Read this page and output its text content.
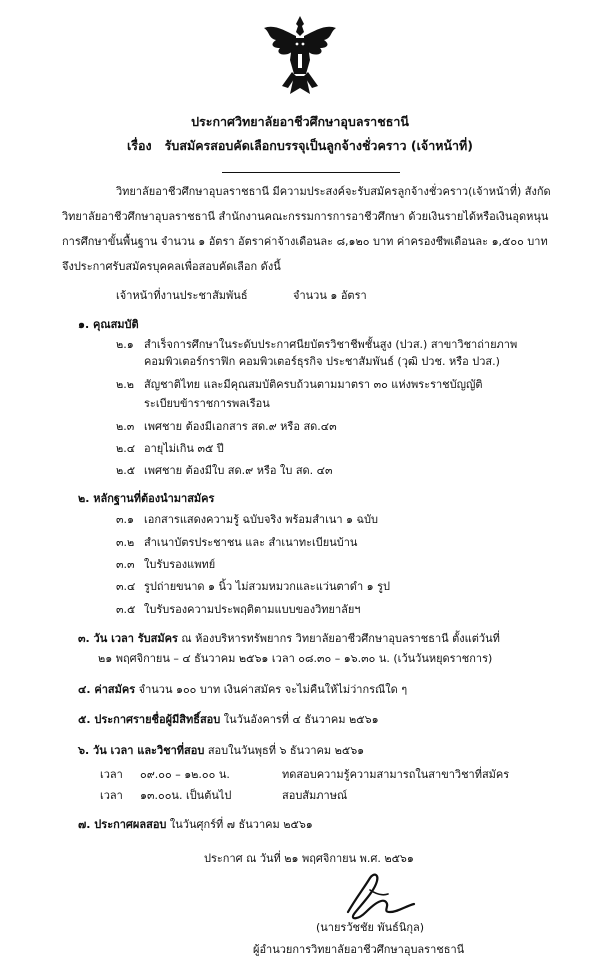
ประกาศวิทยาลัยอาชีวศึกษาอุบลราชธานี
เรื่อง รับสมัครสอบคัดเลือกบรรจุเป็นลูกจ้างชั่วคราว (เจ้าหน้าที่)
วิทยาลัยอาชีวศึกษาอุบลราชธานี มีความประสงค์จะรับสมัครลูกจ้างชั่วคราว(เจ้าหน้าที่) สังกัด
วิทยาลัยอาชีวศึกษาอุบลราชธานี สำนักงานคณะกรรมการการอาชีวศึกษา ด้วยเงินรายได้หรือเงินอุดหนุน
การศึกษาขั้นพื้นฐาน จำนวน ๑ อัตรา อัตราค่าจ้างเดือนละ ๘,๑๒๐ บาท ค่าครองชีพเดือนละ ๑,๕๐๐ บาท
จึงประกาศรับสมัครบุคคลเพื่อสอบคัดเลือก ดังนี้
เจ้าหน้าที่งานประชาสัมพันธ์	จำนวน ๑ อัตรา
๑. คุณสมบัติ
๒.๑ สำเร็จการศึกษาในระดับประกาศนียบัตรวิชาชีพชั้นสูง (ปวส.) สาขาวิชาถ่ายภาพ
คอมพิวเตอร์กราฟิก คอมพิวเตอร์ธุรกิจ ประชาสัมพันธ์ (วุฒิ ปวช. หรือ ปวส.)
๒.๒ สัญชาติไทย และมีคุณสมบัติครบถ้วนตามมาตรา ๓๐ แห่งพระราชบัญญัติ
ระเบียบข้าราชการพลเรือน
๒.๓ เพศชาย ต้องมีเอกสาร สด.๙ หรือ สด.๔๓
๒.๔ อายุไม่เกิน ๓๕ ปี
๒.๕ เพศชาย ต้องมีใบ สด.๙ หรือ ใบ สด. ๔๓
๒. หลักฐานที่ต้องนำมาสมัคร
๓.๑ เอกสารแสดงความรู้ ฉบับจริง พร้อมสำเนา ๑ ฉบับ
๓.๒ สำเนาบัตรประชาชน และ สำเนาทะเบียนบ้าน
๓.๓ ใบรับรองแพทย์
๓.๔ รูปถ่ายขนาด ๑ นิ้ว ไม่สวมหมวกและแว่นตาดำ ๑ รูป
๓.๕ ใบรับรองความประพฤติตามแบบของวิทยาลัยฯ
๓. วัน เวลา รับสมัคร ณ ห้องบริหารทรัพยากร วิทยาลัยอาชีวศึกษาอุบลราชธานี ตั้งแต่วันที่
๒๑ พฤศจิกายน – ๔ ธันวาคม ๒๕๖๑ เวลา ๐๘.๓๐ – ๑๖.๓๐ น. (เว้นวันหยุดราชการ)
๔. ค่าสมัคร จำนวน ๑๐๐ บาท เงินค่าสมัคร จะไม่คืนให้ไม่ว่ากรณีใด ๆ
๕. ประกาศรายชื่อผู้มีสิทธิ์สอบ ในวันอังคารที่ ๔ ธันวาคม ๒๕๖๑
๖. วัน เวลา และวิชาที่สอบ สอบในวันพุธที่ ๖ ธันวาคม ๒๕๖๑
เวลา ๐๙.๐๐ – ๑๒.๐๐ น.	ทดสอบความรู้ความสามารถในสาขาวิชาที่สมัคร
เวลา ๑๓.๐๐น. เป็นต้นไป	สอบสัมภาษณ์
๗. ประกาศผลสอบ ในวันศุกร์ที่ ๗ ธันวาคม ๒๕๖๑
ประกาศ ณ วันที่ ๒๑ พฤศจิกายน พ.ศ. ๒๕๖๑
(นายรวัชชัย พันธ์นิกุล)
ผู้อำนวยการวิทยาลัยอาชีวศึกษาอุบลราชธานี
